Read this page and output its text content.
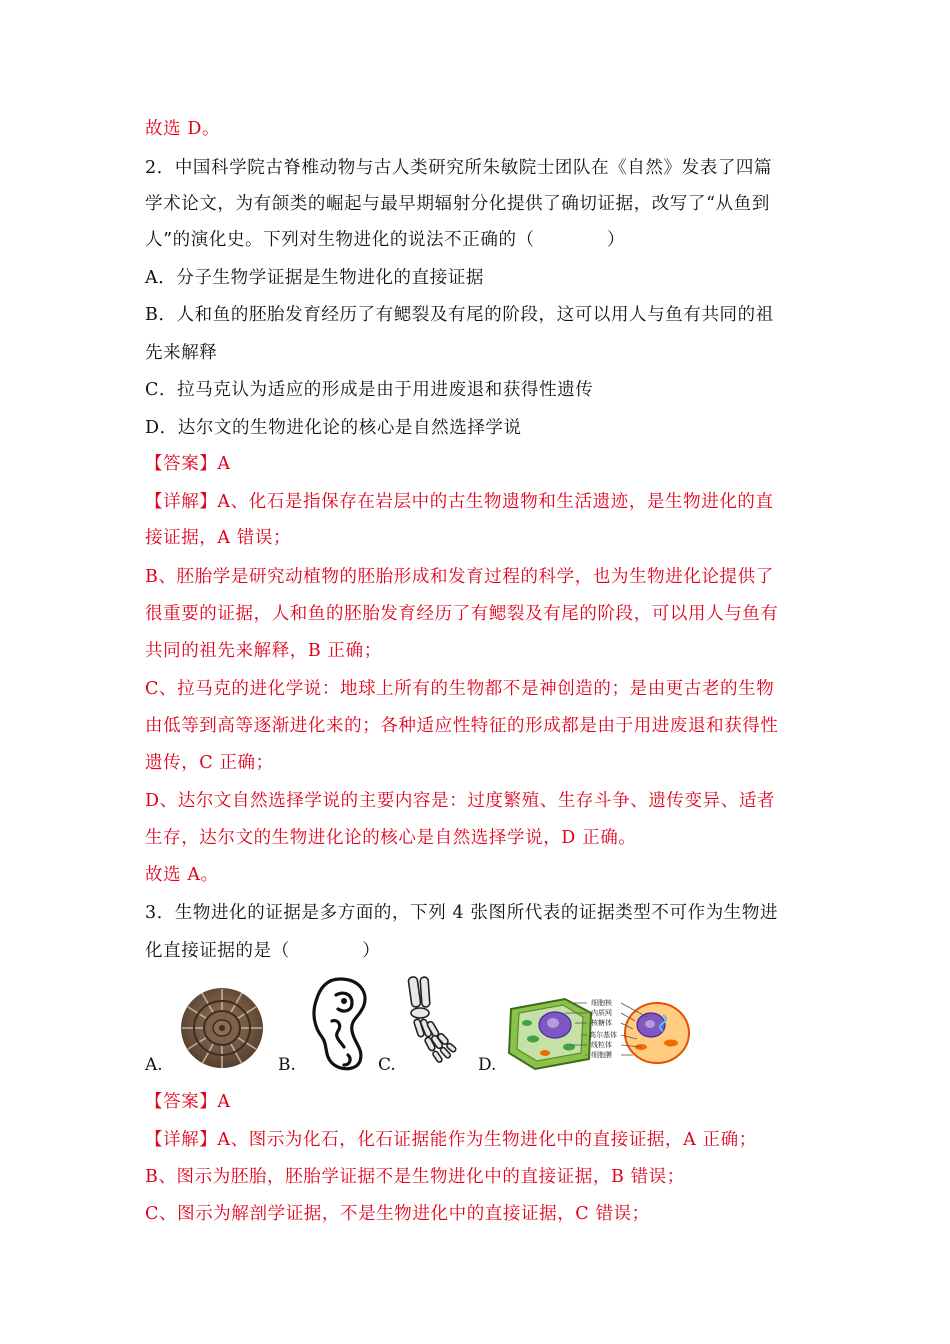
故选 D。
2．中国科学院古脊椎动物与古人类研究所朱敏院士团队在《自然》发表了四篇
学术论文，为有颌类的崛起与最早期辐射分化提供了确切证据，改写了“从鱼到
人”的演化史。下列对生物进化的说法不正确的（　　　　）
A．分子生物学证据是生物进化的直接证据
B．人和鱼的胚胎发育经历了有鳃裂及有尾的阶段，这可以用人与鱼有共同的祖
先来解释
C．拉马克认为适应的形成是由于用进废退和获得性遗传
D．达尔文的生物进化论的核心是自然选择学说
【答案】A
【详解】A、化石是指保存在岩层中的古生物遗物和生活遗迹，是生物进化的直
接证据，A 错误；
B、胚胎学是研究动植物的胚胎形成和发育过程的科学，也为生物进化论提供了
很重要的证据，人和鱼的胚胎发育经历了有鳃裂及有尾的阶段，可以用人与鱼有
共同的祖先来解释，B 正确；
C、拉马克的进化学说：地球上所有的生物都不是神创造的；是由更古老的生物
由低等到高等逐渐进化来的；各种适应性特征的形成都是由于用进废退和获得性
遗传，C 正确；
D、达尔文自然选择学说的主要内容是：过度繁殖、生存斗争、遗传变异、适者
生存，达尔文的生物进化论的核心是自然选择学说，D 正确。
故选 A。
3．生物进化的证据是多方面的，下列 4 张图所代表的证据类型不可作为生物进
化直接证据的是（　　　　）
A.	B.	C.	D.
细胞核
内质网
核糖体
高尔基体
线粒体
细胞膜
【答案】A
【详解】A、图示为化石，化石证据能作为生物进化中的直接证据，A 正确；
B、图示为胚胎，胚胎学证据不是生物进化中的直接证据，B 错误；
C、图示为解剖学证据，不是生物进化中的直接证据，C 错误；
